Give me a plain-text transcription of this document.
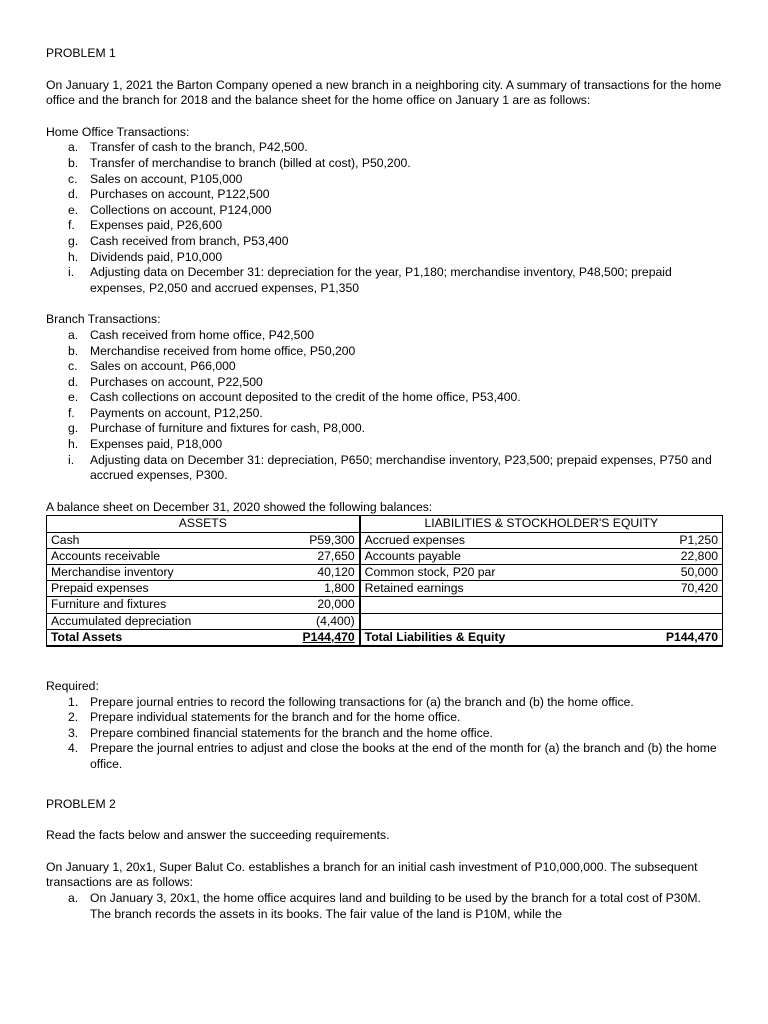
PROBLEM 1

On January 1, 2021 the Barton Company opened a new branch in a neighboring city. A summary of transactions for the home office and the branch for 2018 and the balance sheet for the home office on January 1 are as follows:

Home Office Transactions:

a. Transfer of cash to the branch, P42,500.
b. Transfer of merchandise to branch (billed at cost), P50,200.
c.	Sales on account, P105,000
d. Purchases on account, P122,500
e. Collections on account, P124,000
f.	Expenses paid, P26,600
g. Cash received from branch, P53,400
h. Dividends paid, P10,000
i.	Adjusting data on December 31: depreciation for the year, P1,180; merchandise inventory, P48,500; prepaid expenses, P2,050 and accrued expenses, P1,350

Branch Transactions:

a. Cash received from home office, P42,500
b. Merchandise received from home office, P50,200
c.	Sales on account, P66,000
d. Purchases on account, P22,500
e. Cash collections on account deposited to the credit of the home office, P53,400.
f.	Payments on account, P12,250.
g. Purchase of furniture and fixtures for cash, P8,000.
h. Expenses paid, P18,000
i.	Adjusting data on December 31: depreciation, P650; merchandise inventory, P23,500; prepaid expenses, P750 and accrued expenses, P300.

A balance sheet on December 31, 2020 showed the following balances:

ASSETS		LIABILITIES & STOCKHOLDER'S EQUITY	
Cash	P59,300	Accrued expenses	P1,250
Accounts receivable	27,650	Accounts payable	22,800
Merchandise inventory	40,120	Common stock, P20 par	50,000
Prepaid expenses	1,800	Retained earnings	70,420
Furniture and fixtures	20,000		
Accumulated depreciation	(4,400)		
Total Assets	P144,470	Total Liabilities & Equity	P144,470

Required:

1. Prepare journal entries to record the following transactions for (a) the branch and (b) the home office.
2. Prepare individual statements for the branch and for the home office.
3. Prepare combined financial statements for the branch and the home office.
4. Prepare the journal entries to adjust and close the books at the end of the month for (a) the branch and (b) the home office.

PROBLEM 2

Read the facts below and answer the succeeding requirements.

On January 1, 20x1, Super Balut Co. establishes a branch for an initial cash investment of P10,000,000. The subsequent transactions are as follows:

a. On January 3, 20x1, the home office acquires land and building to be used by the branch for a total cost of P30M. The branch records the assets in its books. The fair value of the land is P10M, while the
